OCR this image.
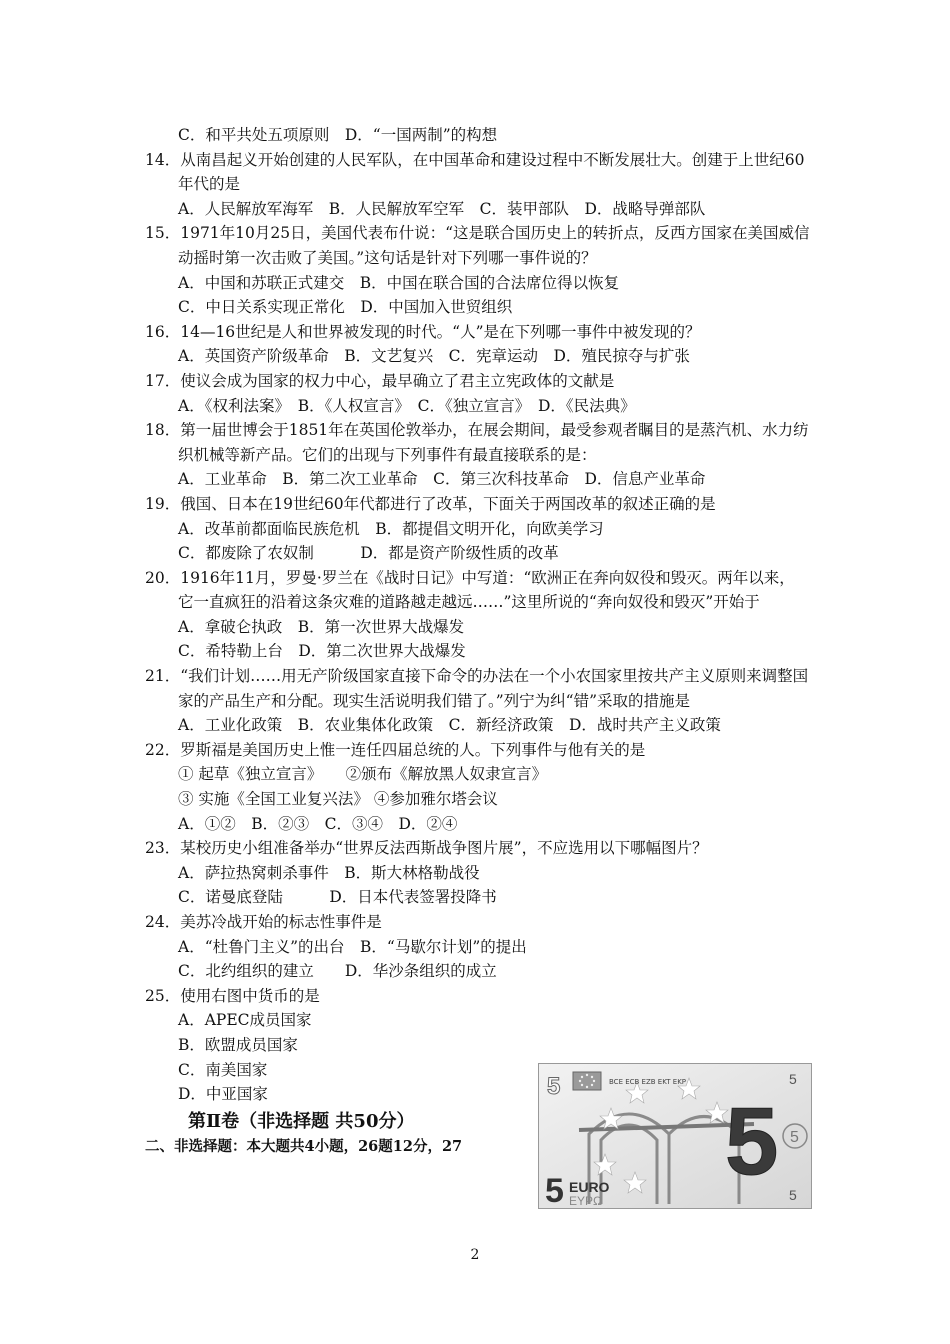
C．和平共处五项原则　D．“一国两制”的构想
14．从南昌起义开始创建的人民军队，在中国革命和建设过程中不断发展壮大。创建于上世纪60年代的是
A．人民解放军海军　B．人民解放军空军　C．装甲部队　D．战略导弹部队
15．1971年10月25日，美国代表布什说：“这是联合国历史上的转折点，反西方国家在美国威信动摇时第一次击败了美国。”这句话是针对下列哪一事件说的？
A．中国和苏联正式建交　B．中国在联合国的合法席位得以恢复
C．中日关系实现正常化　D．中国加入世贸组织
16．14—16世纪是人和世界被发现的时代。“人”是在下列哪一事件中被发现的？
A．英国资产阶级革命　B．文艺复兴　C．宪章运动　D．殖民掠夺与扩张
17．使议会成为国家的权力中心，最早确立了君主立宪政体的文献是
A．《权利法案》　B．《人权宣言》　C．《独立宣言》　D．《民法典》
18．第一届世博会于1851年在英国伦敦举办，在展会期间，最受参观者瞩目的是蒸汽机、水力纺织机械等新产品。它们的出现与下列事件有最直接联系的是：
A．工业革命　B．第二次工业革命　C．第三次科技革命　D．信息产业革命
19．俄国、日本在19世纪60年代都进行了改革，下面关于两国改革的叙述正确的是
A．改革前都面临民族危机　B．都提倡文明开化，向欧美学习
C．都废除了农奴制　　　D．都是资产阶级性质的改革
20．1916年11月，罗曼·罗兰在《战时日记》中写道：“欧洲正在奔向奴役和毁灭。两年以来，它一直疯狂的沿着这条灾难的道路越走越远……”这里所说的“奔向奴役和毁灭”开始于
A．拿破仑执政　B．第一次世界大战爆发
C．希特勒上台　D．第二次世界大战爆发
21．“我们计划……用无产阶级国家直接下命令的办法在一个小农国家里按共产主义原则来调整国家的产品生产和分配。现实生活说明我们错了。”列宁为纠“错”采取的措施是
A．工业化政策　B．农业集体化政策　C．新经济政策　D．战时共产主义政策
22．罗斯福是美国历史上惟一连任四届总统的人。下列事件与他有关的是
① 起草《独立宣言》　　②颁布《解放黑人奴隶宣言》
③ 实施《全国工业复兴法》 ④参加雅尔塔会议
A．①②　B．②③　C．③④　D．②④
23．某校历史小组准备举办“世界反法西斯战争图片展”，不应选用以下哪幅图片？
A．萨拉热窝刺杀事件　B．斯大林格勒战役
C．诺曼底登陆　　　D．日本代表签署投降书
24．美苏冷战开始的标志性事件是
A．“杜鲁门主义”的出台　B．“马歇尔计划”的提出
C．北约组织的建立　　D．华沙条组织的成立
25．使用右图中货币的是
A．APEC成员国家
B．欧盟成员国家
C．南美国家
D．中亚国家
第Ⅱ卷（非选择题 共50分）
二、非选择题：本大题共4小题，26题12分，27
BCE ECB EZB EKT EKP
5
5
5
5
5
5 EURO
EYPΩ
2
